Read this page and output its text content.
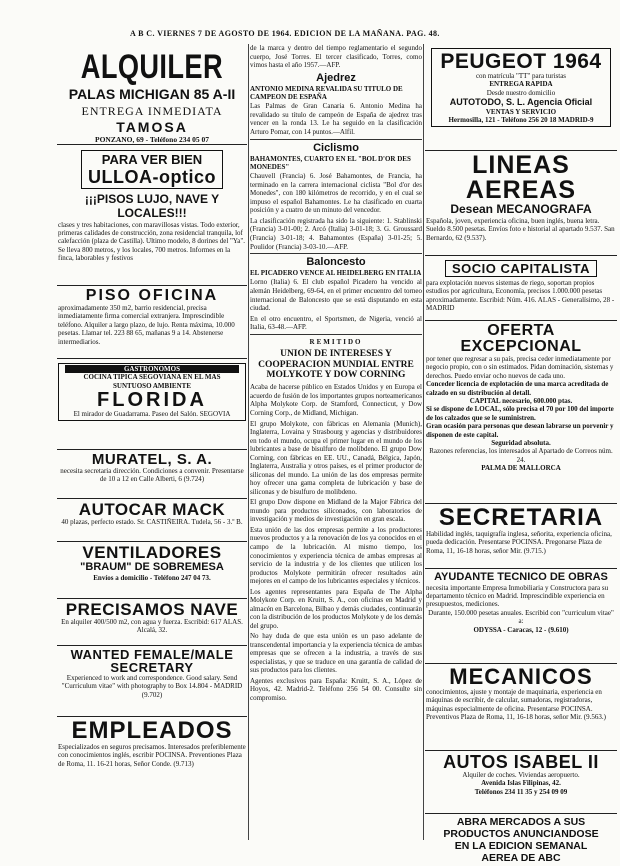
A B C. VIERNES 7 DE AGOSTO DE 1964. EDICION DE LA MAÑANA. PAG. 48.
ALQUILER
PALAS MICHIGAN 85 A-II
ENTREGA INMEDIATA
TAMOSA
PONZANO, 69 - Teléfono 234 05 07
PARA VER BIEN
ULLOA-optico
¡¡¡PISOS LUJO, NAVE Y LOCALES!!!
clases y tres habitaciones, con maravillosas vistas. Todo exterior, primeras calidades de construcción, zona residencial tranquila, lof calefacción (plaza de Castilla). Ultimo modelo, 8 dorines del "Ya". Se lleva 800 metros, y los locales, 700 metros. Informes en la finca, laborables y festivos
PISO OFICINA
aproximadamente 350 m2, barrio residencial, precisa inmediatamente firma comercial extranjera. Imprescindible teléfono. Alquiler a largo plazo, de lujo. Renta máxima, 10.000 pesetas. Llamar tel. 223 88 65, mañanas 9 a 14. Abstenerse intermediarios.
GASTRONOMOS
COCINA TIPICA SEGOVIANA EN EL MAS SUNTUOSO AMBIENTE
FLORIDA
El mirador de Guadarrama. Paseo del Salón. SEGOVIA
MURATEL, S. A.
necesita secretaria dirección. Condiciones a convenir. Presentarse de 10 a 12 en Calle Alberti, 6 (9.724)
AUTOCAR MACK
40 plazas, perfecto estado. Sr. CASTIÑEIRA. Tudela, 56 - 3.º B.
VENTILADORES
"BRAUM" DE SOBREMESA
Envíos a domicilio - Teléfono 247 04 73.
PRECISAMOS NAVE
En alquiler 400/500 m2, con agua y fuerza. Escribid: 617 ALAS. Alcalá, 32.
WANTED FEMALE/MALE SECRETARY
Experienced to work and correspondence. Good salary. Send "Curriculum vitae" with photography to Box 14.804 - MADRID (9.702)
EMPLEADOS
Especializados en seguros precisamos. Interesados preferiblemente con conocimientos inglés, escribir POCINSA. Preventiones Plaza de Roma, 11. 16-21 horas, Señor Conde. (9.713)

de la marca y dentro del tiempo reglamentario el segundo cuerpo, José Torres. El tercer clasificado, Torres, como vimos hasta el año 1957.—AFP.

Ajedrez
ANTONIO MEDINA REVALIDA SU TITULO DE CAMPEON DE ESPAÑA

Las Palmas de Gran Canaria 6. Antonio Medina ha revalidado su título de campeón de España de ajedrez tras vencer en la ronda 13. Le ha seguido en la clasificación Arturo Pomar, con 14 puntos.—Alfil.

Ciclismo
BAHAMONTES, CUARTO EN EL "BOL D'OR DES MONEDES"

Chauvell (Francia) 6. José Bahamontes, de Francia, ha terminado en la carrera internacional ciclista "Bol d'or des Monedes", con 180 kilómetros de recorrido, y en el cual se impuso el español Bahamontes. Le ha clasificado en cuarta posición y a cuatro de un minuto del vencedor.

La clasificación registrada ha sido la siguiente: 1. Stablinski (Francia) 3-01-00; 2. Arcó (Italia) 3-01-18; 3. G. Groussard (Francia) 3-01-18; 4. Bahamontes (España) 3-01-25; 5. Poulidor (Francia) 3-03-10.—AFP.

Baloncesto
EL PICADERO VENCE AL HEIDELBERG EN ITALIA

Lorno (Italia) 6. El club español Picadero ha vencido al alemán Heidelberg, 69-64, en el primer encuentro del torneo internacional de Baloncesto que se está disputando en esta ciudad.

En el otro encuentro, el Sportsmen, de Nigeria, venció al Italia, 63-48.—AFP.

REMITIDO
UNION DE INTERESES Y COOPERACION MUNDIAL ENTRE MOLYKOTE Y DOW CORNING

Acaba de hacerse público en Estados Unidos y en Europa el acuerdo de fusión de los importantes grupos norteamericanos Alpha Molykote Corp. de Stamford, Connecticut, y Dow Corning Corp., de Midland, Michigan.

El grupo Molykote, con fábricas en Alemania (Munich), Inglaterra, Lovaina y Strasbourg y agencias y distribuidores en todo el mundo, ocupa el primer lugar en el mundo de los lubricantes a base de bisulfuro de molibdeno. El grupo Dow Corning, con fábricas en EE. UU., Canadá, Bélgica, Japón, Inglaterra, Australia y otros países, es el primer productor de siliconas del mundo. La unión de las dos empresas permite hoy ofrecer una gama completa de lubricación y base de siliconas y de bisulfuro de molibdeno.

El grupo Dow dispone en Midland de la Major Fábrica del mundo para productos siliconados, con laboratorios de investigación y medios de investigación en gran escala.

Esta unión de las dos empresas permite a los productores nuevos productos y a la renovación de los ya conocidos en el campo de la lubricación. Al mismo tiempo, los conocimientos y experiencia técnica de ambas empresas al servicio de la industria y de los clientes que utilicen los productos Molykote permitirán ofrecer resultados aún mejores en el campo de los lubricantes especiales y técnicos.

Los agentes representantes para España de The Alpha Molykote Corp. en Kruitt, S. A., con oficinas en Madrid y almacén en Barcelona, Bilbao y demás ciudades, continuarán con la distribución de los productos Molykote y de los demás del grupo.

No hay duda de que esta unión es un paso adelante de transcendental importancia y la experiencia técnica de ambas empresas que se ofrecen a la industria, a través de sus especialistas, y que se traduce en una garantía de calidad de sus productos para los clientes.

Agentes exclusivos para España: Kruitt, S. A., López de Hoyos, 42. Madrid-2. Teléfono 256 54 00. Consulte sin compromiso.

PEUGEOT 1964
con matrícula "TT" para turistas
ENTREGA RAPIDA
Desde nuestro domicilio
AUTOTODO, S. L. Agencia Oficial
VENTAS Y SERVICIO
Hermosilla, 121 - Teléfono 256 20 18 MADRID-9
LINEAS AEREAS
Desean MECANOGRAFA
Española, joven, experiencia oficina, buen inglés, buena letra. Sueldo 8.500 pesetas. Envíos foto e historial al apartado 9.537. San Bernardo, 62 (9.537).
SOCIO CAPITALISTA
para explotación nuevos sistemas de riego, soportan propios estudios por agricultura, Economía, precisos 1.000.000 pesetas aproximadamente. Escribid: Núm. 416. ALAS - Generalísimo, 28 - MADRID
OFERTA EXCEPCIONAL
por tener que regresar a su país, precisa ceder inmediatamente por negocio propio, con o sin estimados. Pidan dominación, sistemas y derechos. Puedo enviar ocho nuevos de cada uno.
Conceder licencia de explotación de una marca acreditada de calzado en su distribución al detall.
CAPITAL necesario, 600.000 ptas.
Si se dispone de LOCAL, sólo precisa el 70 por 100 del importe de los calzados que se le suministren.
Gran ocasión para personas que desean labrarse un porvenir y disponen de este capital.
Seguridad absoluta.
Razones referencias, los interesados al Apartado de Correos núm. 24.
PALMA DE MALLORCA
SECRETARIA
Habilidad inglés, taquigrafía inglesa, señorita, experiencia oficina, pueda dedicación. Presentarse POCINSA. Pregonarse Plaza de Roma, 11, 16-18 horas, señor Mir. (9.715.)
AYUDANTE TECNICO DE OBRAS
necesita importante Empresa Inmobiliaria y Constructora para su departamento técnico en Madrid. Imprescindible experiencia en presupuestos, mediciones.
Durante, 150.000 pesetas anuales. Escribid con "curriculum vitae" a:
ODYSSA - Caracas, 12 - (9.610)
MECANICOS
conocimientos, ajuste y montaje de maquinaria, experiencia en máquinas de escribir, de calcular, sumadoras, registradoras, máquinas especialmente de oficina. Presentarse POCINSA. Preventivos Plaza de Roma, 11, 16-18 horas, señor Mir. (9.563.)
AUTOS ISABEL II
Alquiler de coches. Viviendas aeropuerto.
Avenida Islas Filipinas, 42.
Teléfonos 234 11 35 y 254 09 09
ABRA MERCADOS A SUS
PRODUCTOS ANUNCIANDOSE
EN LA EDICION SEMANAL
AEREA DE ABC
